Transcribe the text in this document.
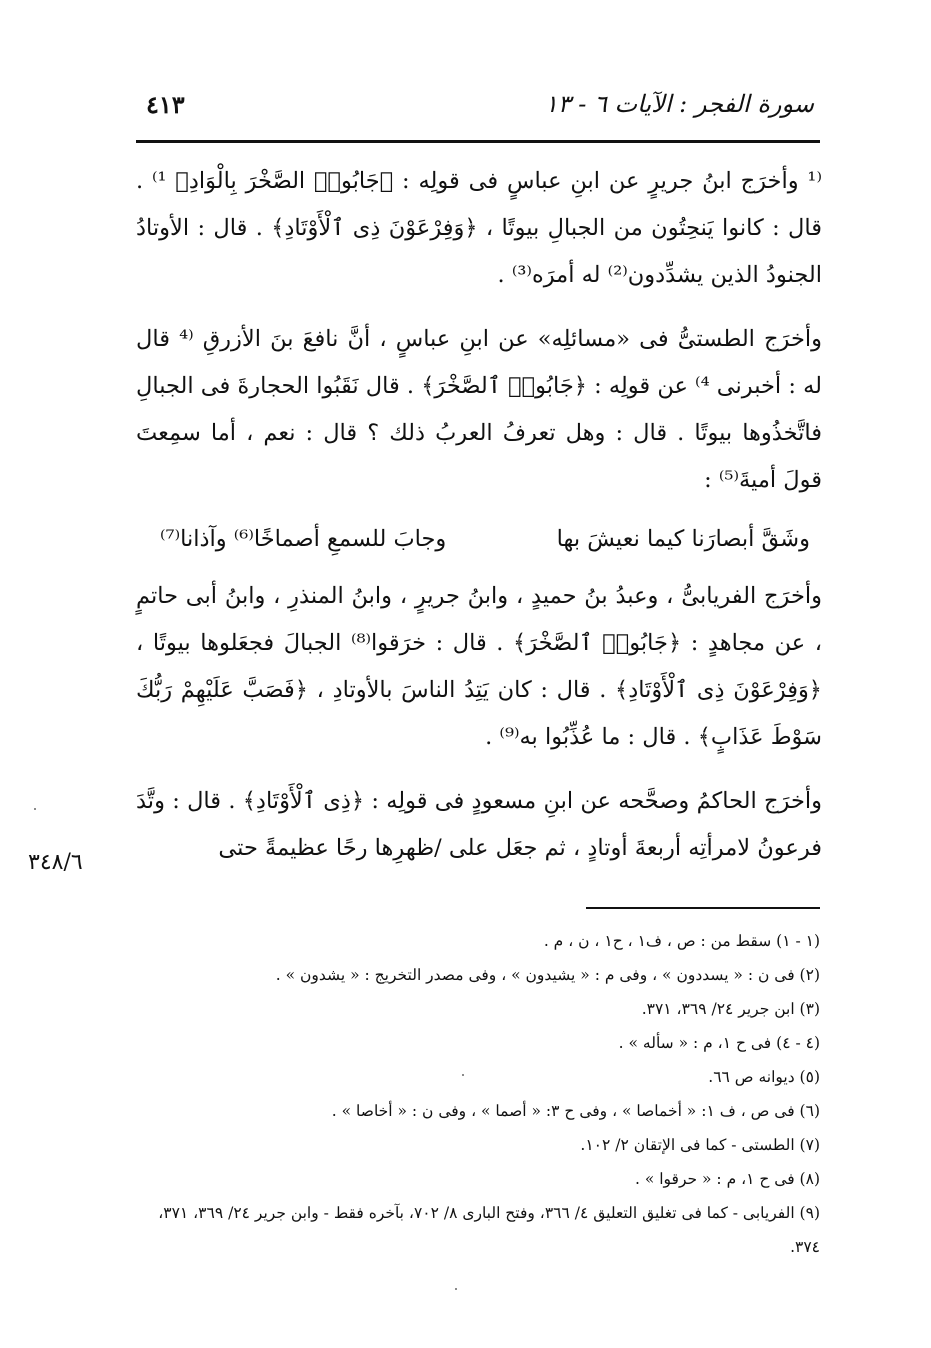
سورة الفجر : الآيات ٦ - ١٣
٤١٣

⁽¹ وأخرَج ابنُ جريرٍ عن ابنِ عباسٍ فى قولِه : ﴿جَابُوا۟ الصَّخْرَ بِالْوَادِ﴾ ¹⁾ . قال : كانوا يَنحِتُون من الجبالِ بيوتًا ، ﴿وَفِرْعَوْنَ ذِى ٱلْأَوْتَادِ﴾ . قال : الأوتادُ الجنودُ الذين يشدِّدون⁽²⁾ له أمرَه⁽³⁾ .

وأخرَج الطستىُّ فى «مسائلِه» عن ابنِ عباسٍ ، أنَّ نافعَ بنَ الأزرقِ ⁽⁴ قال له : أخبرنى ⁴⁾ عن قولِه : ﴿جَابُوا۟ ٱلصَّخْرَ﴾ . قال نَقَبُوا الحجارةَ فى الجبالِ فاتَّخذُوها بيوتًا . قال : وهل تعرفُ العربُ ذلك ؟ قال : نعم ، أما سمِعتَ قولَ أميةَ⁽⁵⁾ :

وشَقَّ أبصارَنا كيما نعيشَ بها
وجابَ للسمعِ أصماخًا⁽⁶⁾ وآذانا⁽⁷⁾

وأخرَج الفريابىُّ ، وعبدُ بنُ حميدٍ ، وابنُ جريرٍ ، وابنُ المنذرِ ، وابنُ أبى حاتمٍ ، عن مجاهدٍ : ﴿جَابُوا۟ ٱلصَّخْرَ﴾ . قال : خرَقوا⁽⁸⁾ الجبالَ فجعَلوها بيوتًا ، ﴿وَفِرْعَوْنَ ذِى ٱلْأَوْتَادِ﴾ . قال : كان يَتِدُ الناسَ بالأوتادِ ، ﴿فَصَبَّ عَلَيْهِمْ رَبُّكَ سَوْطَ عَذَابٍ﴾ . قال : ما عُذِّبُوا به⁽⁹⁾ .

وأخرَج الحاكمُ وصحَّحه عن ابنِ مسعودٍ فى قولِه : ﴿ذِى ٱلْأَوْتَادِ﴾ . قال : وتَّدَ فرعونُ لامرأتِه أربعةَ أوتادٍ ، ثم جعَل على /ظهرِها رحًا عظيمةً حتى

٣٤٨/٦

(١ - ١) سقط من : ص ، ف١ ، ح١ ، ن ، م .

(٢) فى ن : « يسددون » ، وفى م : « يشيدون » ، وفى مصدر التخريج : « يشدون » .

(٣) ابن جرير ٢٤/ ٣٦٩، ٣٧١.

(٤ - ٤) فى ح ١، م : « سأله » .

(٥) ديوانه ص ٦٦.

(٦) فى ص ، ف ١: « أخماصا » ، وفى ح ٣: « أصما » ، وفى ن : « أخاصا » .

(٧) الطستى - كما فى الإتقان ٢/ ١٠٢.

(٨) فى ح ١، م : « حرقوا » .

(٩) الفريابى - كما فى تغليق التعليق ٤/ ٣٦٦، وفتح البارى ٨/ ٧٠٢، بآخره فقط - وابن جرير ٢٤/ ٣٦٩، ٣٧١، ٣٧٤.
